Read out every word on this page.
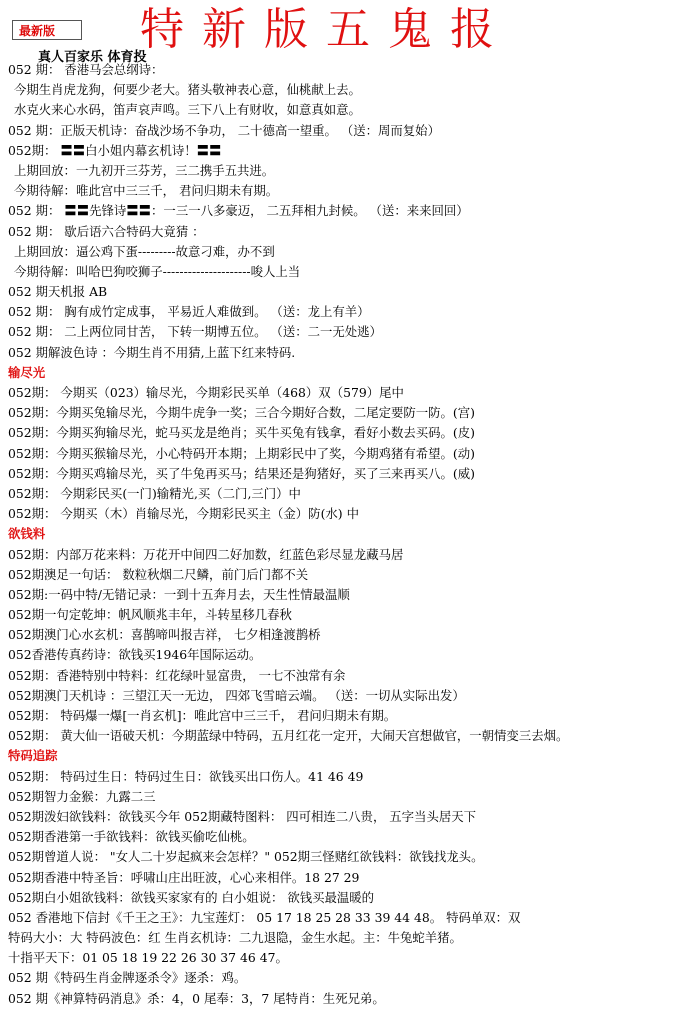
最新版	特新版五鬼报
真人百家乐 体育投
052 期： 香港马会总纲诗：
今期生肖虎龙狗，何要少老大。猪头敬神表心意，仙桃献上去。
水克火来心水码，笛声哀声鸣。三下八上有财收，如意真如意。
052 期：正版天机诗：奋战沙场不争功， 二十德高一望重。 （送：周而复始）
052期： 〓〓白小姐内幕玄机诗！〓〓
上期回放：一九初开三芬芳，三二携手五共进。
今期待解：唯此宫中三三千， 君问归期未有期。
052 期： 〓〓先锋诗〓〓：一三一八多豪迈， 二五拜相九封候。 （送：来来回回）
052 期： 歇后语六合特码大竟猜 ：
上期回放：逼公鸡下蛋---------故意刁难，办不到
今期待解：叫哈巴狗咬狮子---------------------唆人上当
052 期天机报 AB
052 期： 胸有成竹定成事， 平易近人难做到。 （送：龙上有羊）
052 期： 二上两位同甘苦， 下转一期博五位。 （送：二一无处逃）
052 期解波色诗 ：今期生肖不用猜,上蓝下红来特码.
输尽光
052期： 今期买（023）输尽光，今期彩民买单（468）双（579）尾中
052期：今期买兔输尽光，今期牛虎争一奖；三合今期好合数，二尾定要防一防。(宫)
052期：今期买狗输尽光，蛇马买龙是绝肖；买牛买兔有钱拿，看好小数去买码。(皮)
052期：今期买猴输尽光，小心特码开本期；上期彩民中了奖，今期鸡猪有希望。(动)
052期：今期买鸡输尽光，买了牛兔再买马；结果还是狗猪好，买了三来再买八。(威)
052期： 今期彩民买(一门)输精光,买（二门,三门）中
052期： 今期买（木）肖输尽光，今期彩民买主（金）防(水) 中
欲钱料
052期：内部万花来料：万花开中间四二好加数，红蓝色彩尽显龙藏马居
052期澳足一句话： 数粒秋烟二尺鳞，前门后门都不关
052期:一码中特/无错记录：一到十五奔月去，天生性情最温顺
052期一句定乾坤：帆风顺兆丰年，斗转星移几春秋
052期澳门心水玄机：喜鹊啼叫报吉祥， 七夕相逢渡鹊桥
052香港传真药诗：欲钱买1946年国际运动。
052期：香港特别中特料：红花绿叶显富贵， 一七不浊常有余
052期澳门天机诗 ：三望江天一无边， 四郊飞雪暗云端。 （送：一切从实际出发）
052期： 特码爆一爆[一肖玄机]：唯此宫中三三千， 君问归期未有期。
052期： 黄大仙一语破天机：今期蓝绿中特码，五月红花一定开，大闹天宫想做官，一朝情变三去烟。
特码追踪
052期： 特码过生日：特码过生日：欲钱买出口伤人。41 46 49
052期智力金猴：九露二三
052期泼妇欲钱料：欲钱买今年 052期藏特图料： 四可相连二八贵， 五字当头居天下
052期香港第一手欲钱料：欲钱买偷吃仙桃。
052期曾道人说： "女人二十岁起疯来会怎样？" 052期三怪赌红欲钱料：欲钱找龙头。
052期香港中特圣旨：呼啸山庄出旺波，心心来相伴。18 27 29
052期白小姐欲钱料：欲钱买家家有的 白小姐说： 欲钱买最温暖的
052 香港地下信封《千王之王》：九宝莲灯： 05 17 18 25 28 33 39 44 48。 特码单双：双
特码大小：大 特码波色：红 生肖玄机诗：二九退隐，金生水起。主：牛兔蛇羊猪。
十指平天下：01 05 18 19 22 26 30 37 46 47。
052 期《特码生肖金牌逐杀令》逐杀：鸡。
052 期《神算特码消息》杀：4，0 尾奉：3，7 尾特肖：生死兄弟。
